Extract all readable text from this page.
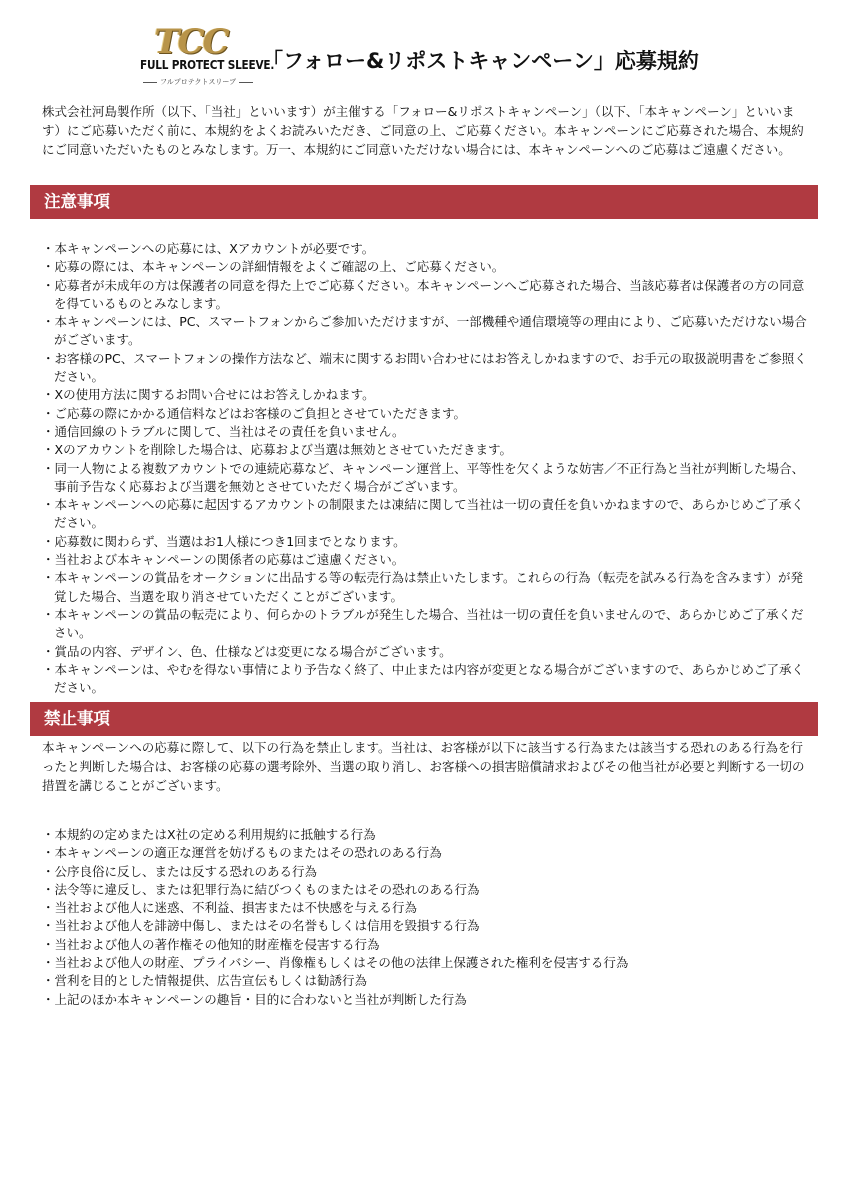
TCC
FULL PROTECT SLEEVE.
フルプロテクトスリーブ
「フォロー&リポストキャンペーン」応募規約

株式会社河島製作所（以下、「当社」といいます）が主催する「フォロー&リポストキャンペーン」（以下、「本キャンペーン」といいます）にご応募いただく前に、本規約をよくお読みいただき、ご同意の上、ご応募ください。本キャンペーンにご応募された場合、本規約にご同意いただいたものとみなします。万一、本規約にご同意いただけない場合には、本キャンペーンへのご応募はご遠慮ください。

注意事項
・本キャンペーンへの応募には、Xアカウントが必要です。
・応募の際には、本キャンペーンの詳細情報をよくご確認の上、ご応募ください。
・応募者が未成年の方は保護者の同意を得た上でご応募ください。本キャンペーンへご応募された場合、当該応募者は保護者の方の同意を得ているものとみなします。
・本キャンペーンには、PC、スマートフォンからご参加いただけますが、一部機種や通信環境等の理由により、ご応募いただけない場合がございます。
・お客様のPC、スマートフォンの操作方法など、端末に関するお問い合わせにはお答えしかねますので、お手元の取扱説明書をご参照ください。
・Xの使用方法に関するお問い合せにはお答えしかねます。
・ご応募の際にかかる通信料などはお客様のご負担とさせていただきます。
・通信回線のトラブルに関して、当社はその責任を負いません。
・Xのアカウントを削除した場合は、応募および当選は無効とさせていただきます。
・同一人物による複数アカウントでの連続応募など、キャンペーン運営上、平等性を欠くような妨害／不正行為と当社が判断した場合、事前予告なく応募および当選を無効とさせていただく場合がございます。
・本キャンペーンへの応募に起因するアカウントの制限または凍結に関して当社は一切の責任を負いかねますので、あらかじめご了承ください。
・応募数に関わらず、当選はお1人様につき1回までとなります。
・当社および本キャンペーンの関係者の応募はご遠慮ください。
・本キャンペーンの賞品をオークションに出品する等の転売行為は禁止いたします。これらの行為（転売を試みる行為を含みます）が発覚した場合、当選を取り消させていただくことがございます。
・本キャンペーンの賞品の転売により、何らかのトラブルが発生した場合、当社は一切の責任を負いませんので、あらかじめご了承ください。
・賞品の内容、デザイン、色、仕様などは変更になる場合がございます。
・本キャンペーンは、やむを得ない事情により予告なく終了、中止または内容が変更となる場合がございますので、あらかじめご了承ください。
禁止事項

本キャンペーンへの応募に際して、以下の行為を禁止します。当社は、お客様が以下に該当する行為または該当する恐れのある行為を行ったと判断した場合は、お客様の応募の選考除外、当選の取り消し、お客様への損害賠償請求およびその他当社が必要と判断する一切の措置を講じることがございます。

・本規約の定めまたはX社の定める利用規約に抵触する行為
・本キャンペーンの適正な運営を妨げるものまたはその恐れのある行為
・公序良俗に反し、または反する恐れのある行為
・法令等に違反し、または犯罪行為に結びつくものまたはその恐れのある行為
・当社および他人に迷惑、不利益、損害または不快感を与える行為
・当社および他人を誹謗中傷し、またはその名誉もしくは信用を毀損する行為
・当社および他人の著作権その他知的財産権を侵害する行為
・当社および他人の財産、プライバシー、肖像権もしくはその他の法律上保護された権利を侵害する行為
・営利を目的とした情報提供、広告宣伝もしくは勧誘行為
・上記のほか本キャンペーンの趣旨・目的に合わないと当社が判断した行為
